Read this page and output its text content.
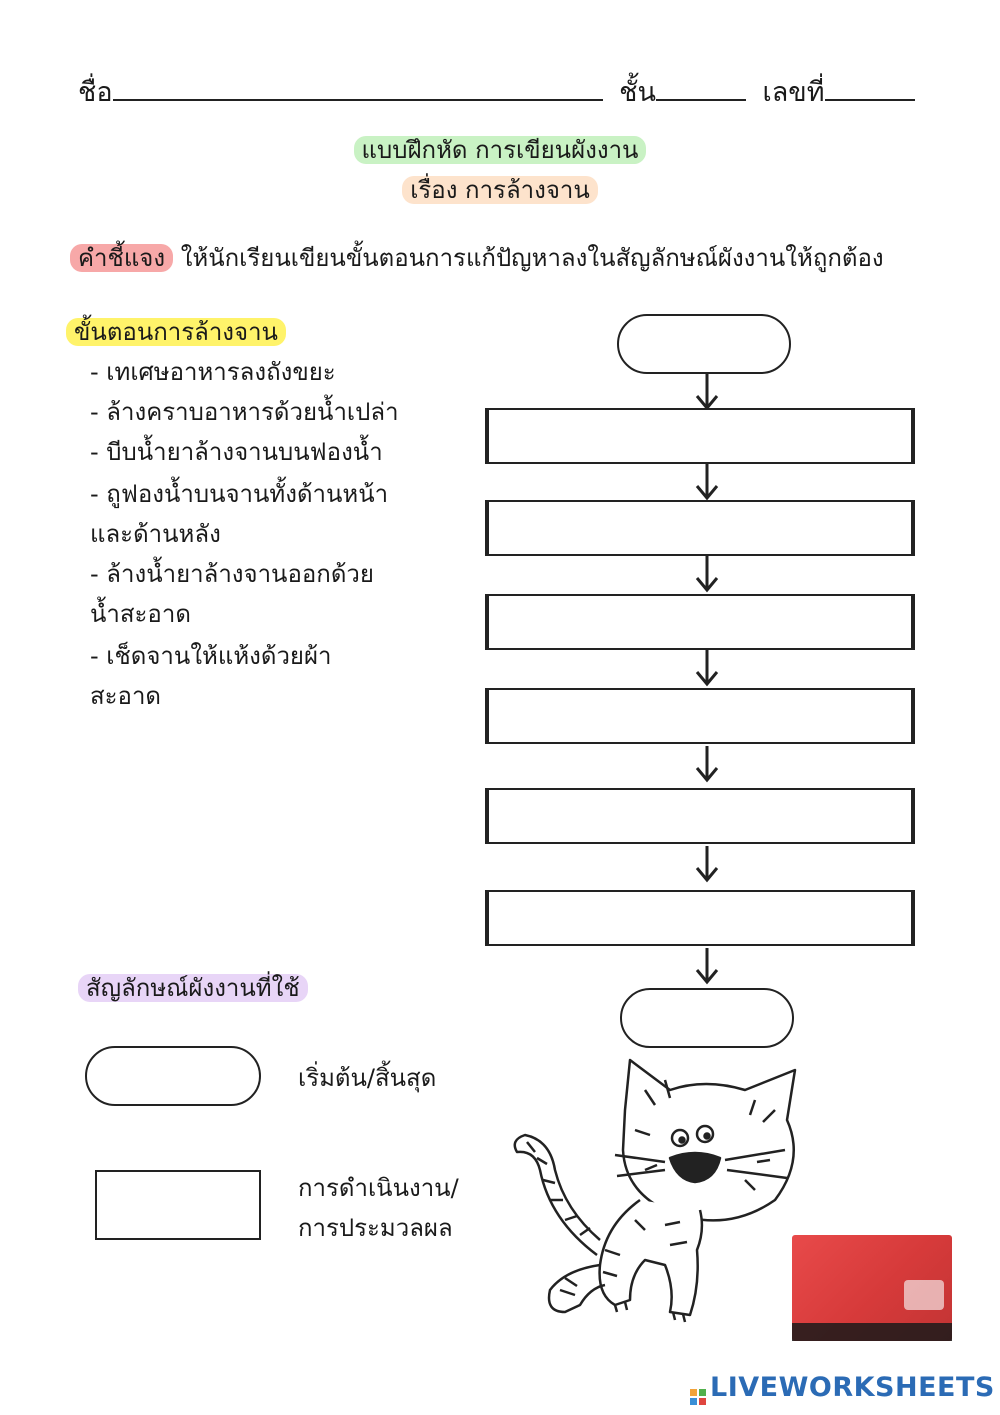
ชื่อ	ชั้น	เลขที่
แบบฝึกหัด การเขียนผังงาน
เรื่อง การล้างจาน
คำชี้แจง ให้นักเรียนเขียนขั้นตอนการแก้ปัญหาลงในสัญลักษณ์ผังงานให้ถูกต้อง
ขั้นตอนการล้างจาน
- เทเศษอาหารลงถังขยะ
- ล้างคราบอาหารด้วยน้ำเปล่า
- บีบน้ำยาล้างจานบนฟองน้ำ
- ถูฟองน้ำบนจานทั้งด้านหน้า
และด้านหลัง
- ล้างน้ำยาล้างจานออกด้วย
น้ำสะอาด
- เช็ดจานให้แห้งด้วยผ้า
สะอาด
สัญลักษณ์ผังงานที่ใช้
เริ่มต้น/สิ้นสุด
การดำเนินงาน/
การประมวลผล
LIVEWORKSHEETS
